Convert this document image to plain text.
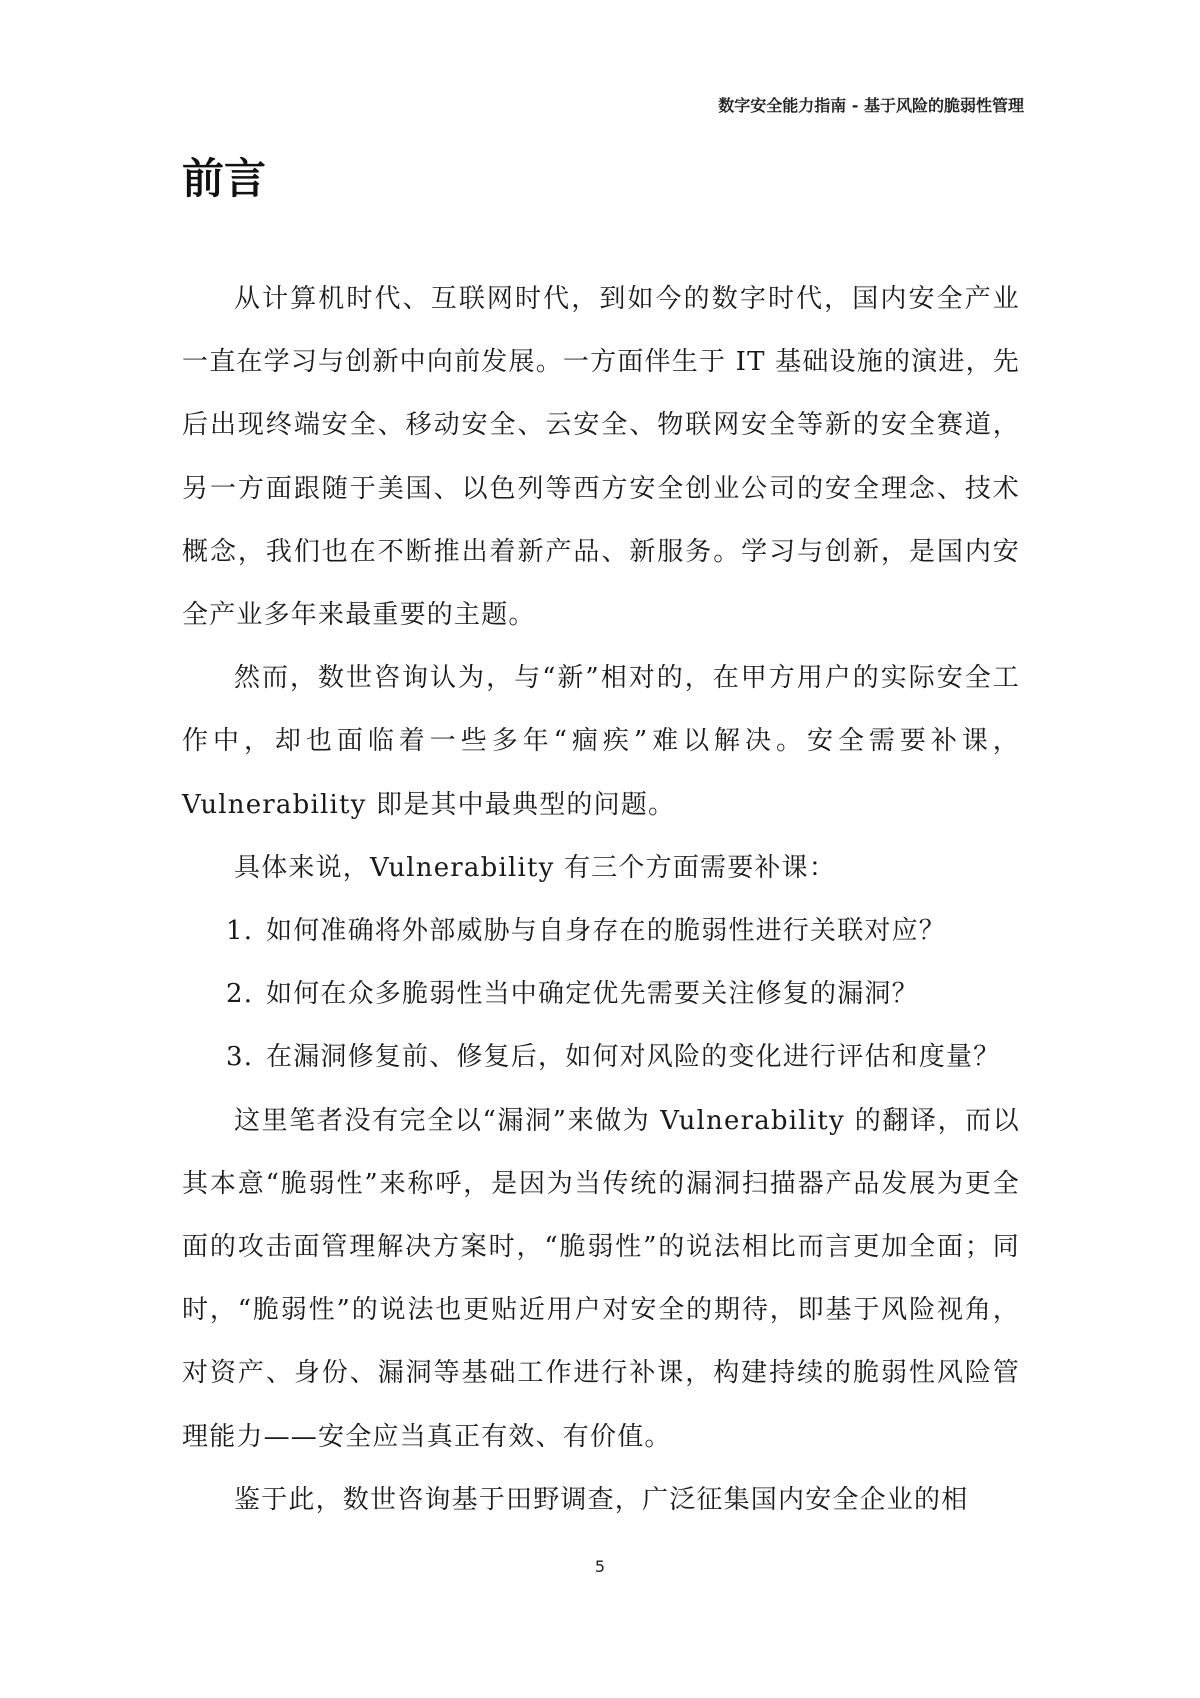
数字安全能力指南 - 基于风险的脆弱性管理
前言

从计算机时代、互联网时代，到如今的数字时代，国内安全产业一直在学习与创新中向前发展。一方面伴生于 IT 基础设施的演进，先后出现终端安全、移动安全、云安全、物联网安全等新的安全赛道，另一方面跟随于美国、以色列等西方安全创业公司的安全理念、技术概念，我们也在不断推出着新产品、新服务。学习与创新，是国内安全产业多年来最重要的主题。

然而，数世咨询认为，与“新”相对的，在甲方用户的实际安全工作中，却也面临着一些多年“痼疾”难以解决。安全需要补课，Vulnerability 即是其中最典型的问题。

具体来说，Vulnerability 有三个方面需要补课：

1. 如何准确将外部威胁与自身存在的脆弱性进行关联对应？
2. 如何在众多脆弱性当中确定优先需要关注修复的漏洞？
3. 在漏洞修复前、修复后，如何对风险的变化进行评估和度量？

这里笔者没有完全以“漏洞”来做为 Vulnerability 的翻译，而以其本意“脆弱性”来称呼，是因为当传统的漏洞扫描器产品发展为更全面的攻击面管理解决方案时，“脆弱性”的说法相比而言更加全面；同时，“脆弱性”的说法也更贴近用户对安全的期待，即基于风险视角，对资产、身份、漏洞等基础工作进行补课，构建持续的脆弱性风险管理能力——安全应当真正有效、有价值。

鉴于此，数世咨询基于田野调查，广泛征集国内安全企业的相

5
